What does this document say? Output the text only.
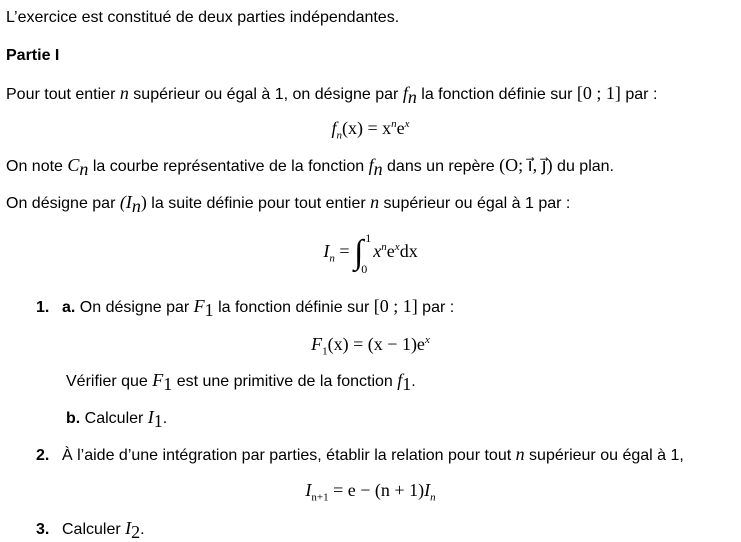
L’exercice est constitué de deux parties indépendantes.
Partie I
Pour tout entier n supérieur ou égal à 1, on désigne par $f_n$ la fonction définie sur [0 ; 1] par :
$f_n(x) = x^ne^x$
On note $C_n$ la courbe représentative de la fonction $f_n$ dans un repère (O; ı⃗, ȷ⃗) du plan.
On désigne par $(I_n)$ la suite définie pour tout entier n supérieur ou égal à 1 par :
$I_n$ = ∫ 1
0
$x^ne^xdx$
1. a. On désigne par $F_1$ la fonction définie sur [0 ; 1] par :
$F_1(x) = (x - 1)e^x$
Vérifier que $F_1$ est une primitive de la fonction $f_1$.
b. Calculer $I_1$.
2. À l’aide d’une intégration par parties, établir la relation pour tout n supérieur ou égal à 1,
$I_{n+1} = e - (n + 1)I_n$
3. Calculer $I_2$.
